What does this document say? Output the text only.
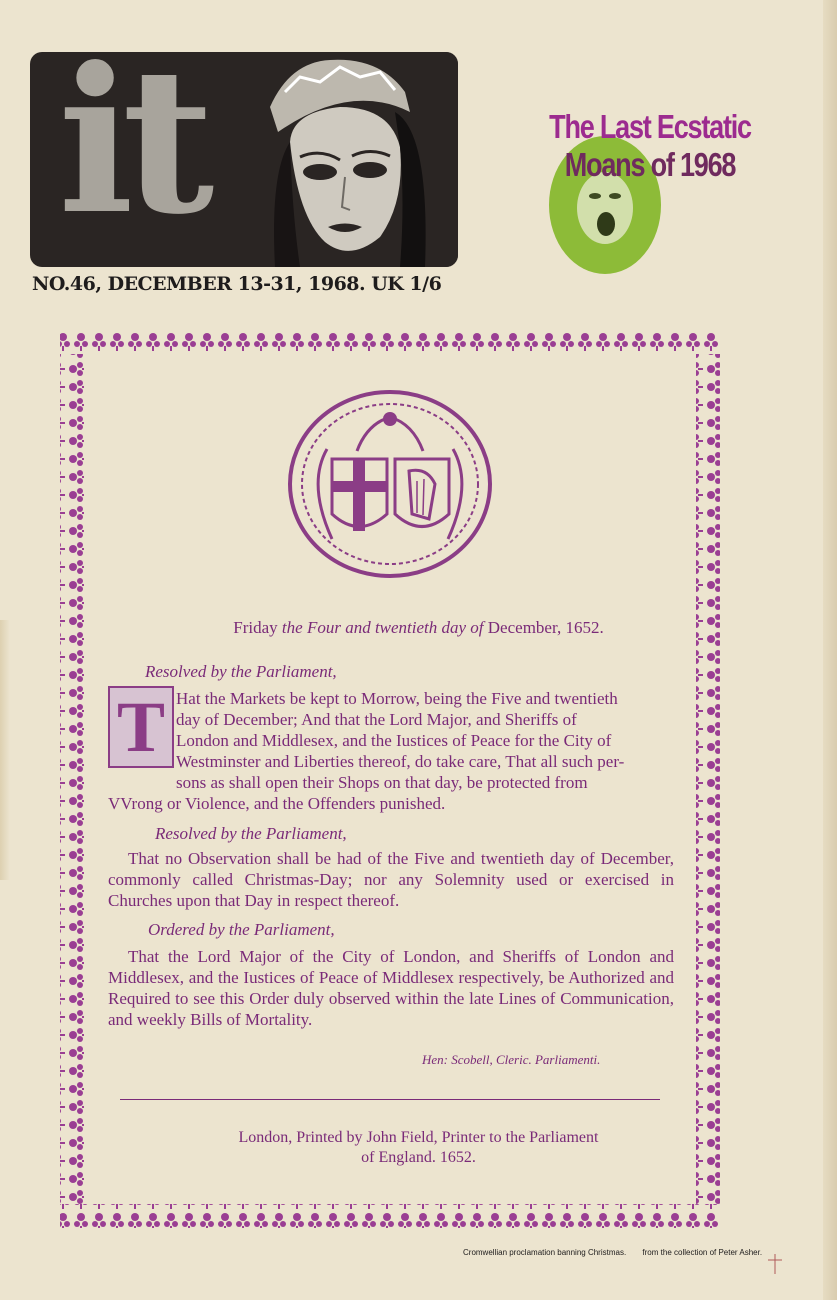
it
NO.46, DECEMBER 13-31, 1968. UK 1/6
The Last Ecstatic
Moans of 1968
Friday the Four and twentieth day of December, 1652.
Resolved by the Parliament,
T Hat the Markets be kept to Morrow, being the Five and twentieth
day of December; And that the Lord Major, and Sheriffs of
London and Middlesex, and the Iustices of Peace for the City of
Westminster and Liberties thereof, do take care, That all such per-
sons as shall open their Shops on that day, be protected from
VVrong or Violence, and the Offenders punished.
Resolved by the Parliament,
That no Observation shall be had of the Five and twentieth day of December, commonly called Christmas-Day; nor any Solemnity used or exercised in Churches upon that Day in respect thereof.
Ordered by the Parliament,
That the Lord Major of the City of London, and Sheriffs of London and Middlesex, and the Iustices of Peace of Middlesex respectively, be Authorized and Required to see this Order duly observed within the late Lines of Communication, and weekly Bills of Mortality.
Hen: Scobell, Cleric. Parliamenti.
London, Printed by John Field, Printer to the Parliament
of England. 1652.
Cromwellian proclamation banning Christmas. from the collection of Peter Asher.
